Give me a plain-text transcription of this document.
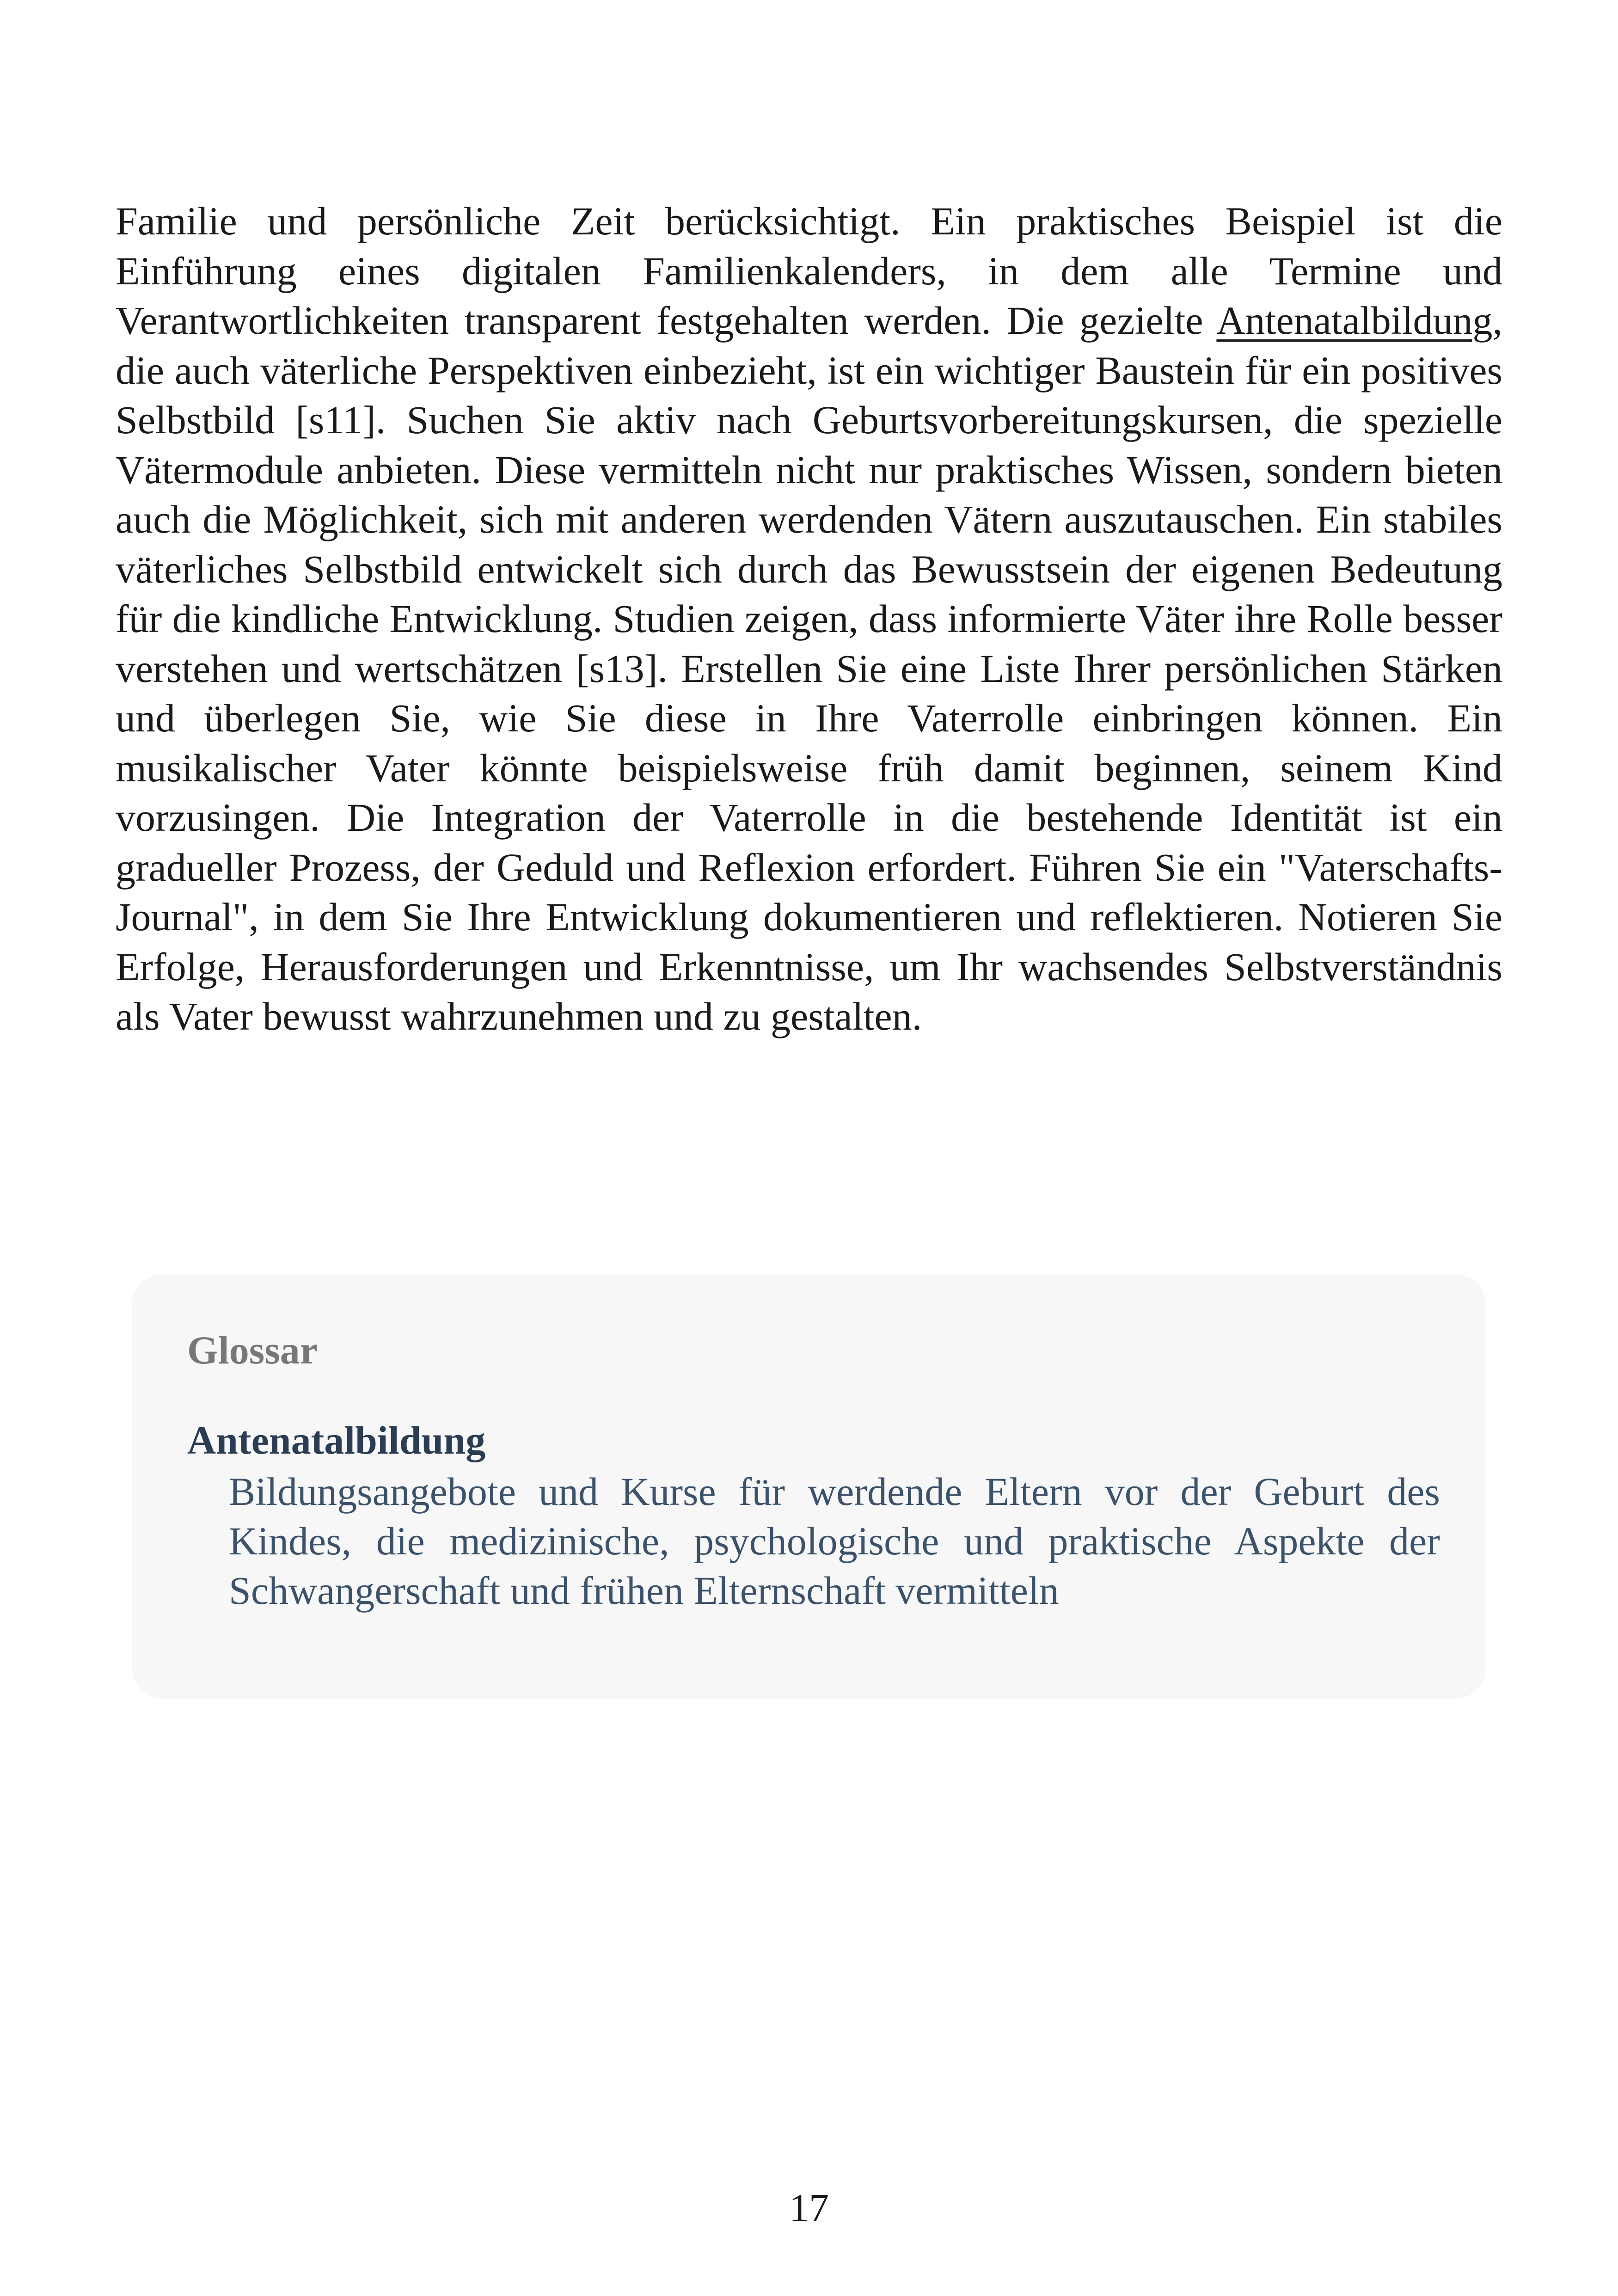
Familie und persönliche Zeit berücksichtigt. Ein praktisches Beispiel ist die Einführung eines digitalen Familienkalenders, in dem alle Termine und Verantwortlichkeiten transparent festgehalten werden. Die gezielte Antenatalbildung, die auch väterliche Perspektiven einbezieht, ist ein wichtiger Baustein für ein positives Selbstbild [s11]. Suchen Sie aktiv nach Geburtsvorbereitungskursen, die spezielle Vätermodule anbieten. Diese vermitteln nicht nur praktisches Wissen, sondern bieten auch die Möglichkeit, sich mit anderen werdenden Vätern auszutauschen. Ein stabiles väterliches Selbstbild entwickelt sich durch das Bewusstsein der eigenen Bedeutung für die kindliche Entwicklung. Studien zeigen, dass informierte Väter ihre Rolle besser verstehen und wertschätzen [s13]. Erstellen Sie eine Liste Ihrer persönlichen Stärken und überlegen Sie, wie Sie diese in Ihre Vaterrolle einbringen können. Ein musikalischer Vater könnte beispielsweise früh damit beginnen, seinem Kind vorzusingen. Die Integration der Vaterrolle in die bestehende Identität ist ein gradueller Prozess, der Geduld und Reflexion erfordert. Führen Sie ein "Vaterschafts-Journal", in dem Sie Ihre Entwicklung dokumentieren und reflektieren. Notieren Sie Erfolge, Herausforderungen und Erkenntnisse, um Ihr wachsendes Selbstverständnis als Vater bewusst wahrzunehmen und zu gestalten.

Glossar

Antenatalbildung

Bildungsangebote und Kurse für werdende Eltern vor der Geburt des Kindes, die medizinische, psychologische und praktische Aspekte der Schwangerschaft und frühen Elternschaft vermitteln

17
